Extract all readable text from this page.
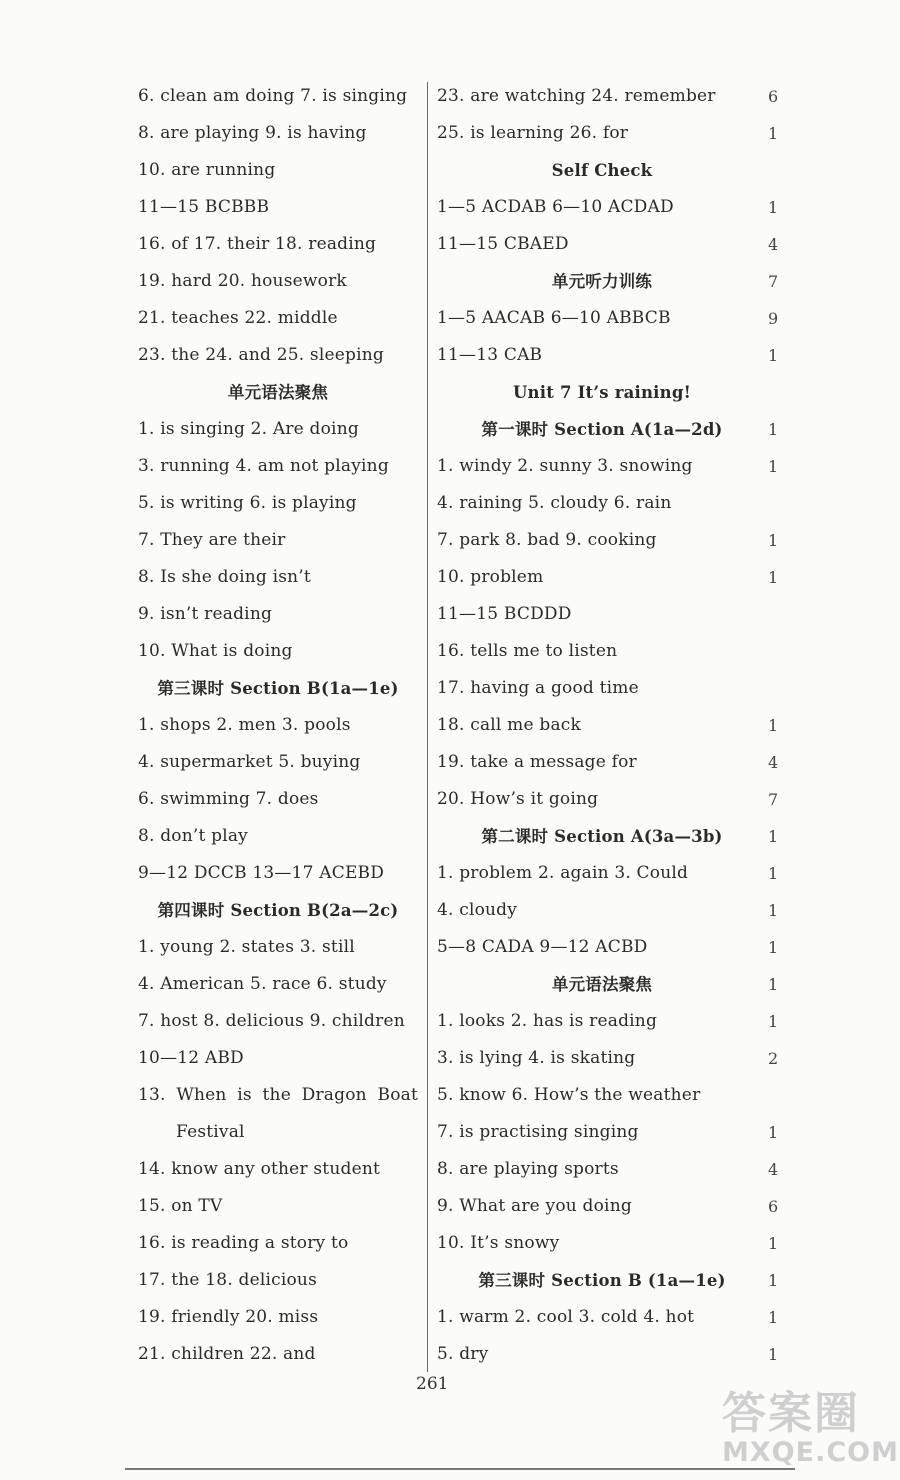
6. clean am doing 7. is singing
8. are playing 9. is having
10. are running
11—15 BCBBB
16. of 17. their 18. reading
19. hard 20. housework
21. teaches 22. middle
23. the 24. and 25. sleeping
单元语法聚焦
1. is singing 2. Are doing
3. running 4. am not playing
5. is writing 6. is playing
7. They are their
8. Is she doing isn’t
9. isn’t reading
10. What is doing
第三课时 Section B(1a—1e)
1. shops 2. men 3. pools
4. supermarket 5. buying
6. swimming 7. does
8. don’t play
9—12 DCCB 13—17 ACEBD
第四课时 Section B(2a—2c)
1. young 2. states 3. still
4. American 5. race 6. study
7. host 8. delicious 9. children
10—12 ABD
13. When is the Dragon Boat
Festival
14. know any other student
15. on TV
16. is reading a story to
17. the 18. delicious
19. friendly 20. miss
21. children 22. and
23. are watching 24. remember
25. is learning 26. for
Self Check
1—5 ACDAB 6—10 ACDAD
11—15 CBAED
单元听力训练
1—5 AACAB 6—10 ABBCB
11—13 CAB
Unit 7 It’s raining!
第一课时 Section A(1a—2d)
1. windy 2. sunny 3. snowing
4. raining 5. cloudy 6. rain
7. park 8. bad 9. cooking
10. problem
11—15 BCDDD
16. tells me to listen
17. having a good time
18. call me back
19. take a message for
20. How’s it going
第二课时 Section A(3a—3b)
1. problem 2. again 3. Could
4. cloudy
5—8 CADA 9—12 ACBD
单元语法聚焦
1. looks 2. has is reading
3. is lying 4. is skating
5. know 6. How’s the weather
7. is practising singing
8. are playing sports
9. What are you doing
10. It’s snowy
第三课时 Section B (1a—1e)
1. warm 2. cool 3. cold 4. hot
5. dry
6
1
1
4
7
9
1
1
1
1
1
1
4
7
1
1
1
1
1
1
2
1
4
6
1
1
1
1
261
答案圈
MXQE.COM
